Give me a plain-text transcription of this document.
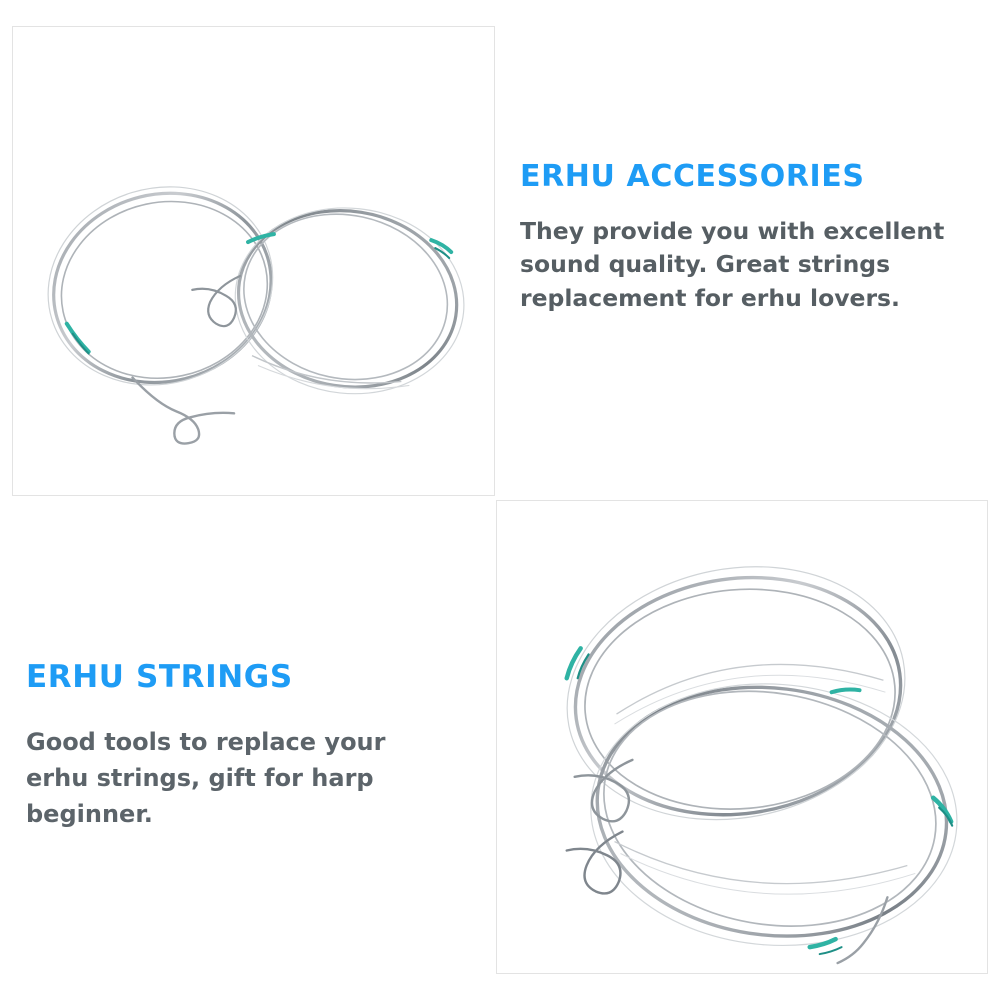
ERHU ACCESSORIES

They provide you with excellent sound quality. Great strings replacement for erhu lovers.

ERHU STRINGS

Good tools to replace your erhu strings, gift for harp beginner.
